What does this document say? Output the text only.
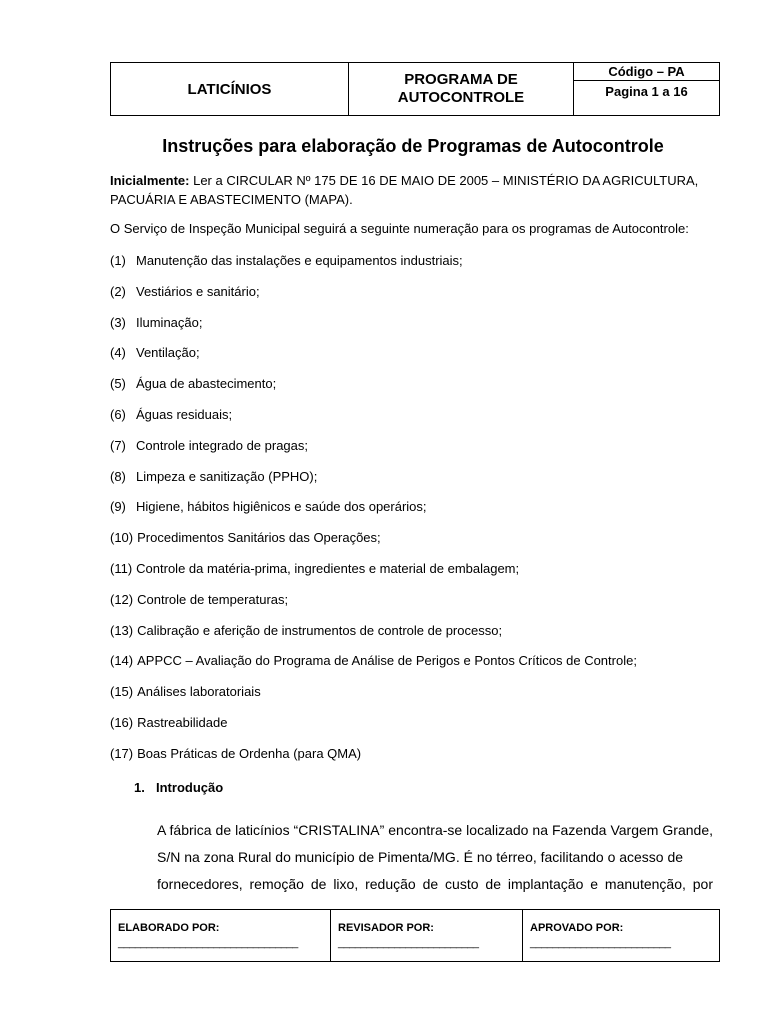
LATICÍNIOS
PROGRAMA DE
AUTOCONTROLE
Código – PA
Pagina 1 a 16
Instruções para elaboração de Programas de Autocontrole
Inicialmente: Ler a CIRCULAR Nº 175 DE 16 DE MAIO DE 2005 – MINISTÉRIO DA AGRICULTURA, PACUÁRIA E ABASTECIMENTO (MAPA).
O Serviço de Inspeção Municipal seguirá a seguinte numeração para os programas de Autocontrole:
(1) Manutenção das instalações e equipamentos industriais;
(2) Vestiários e sanitário;
(3) Iluminação;
(4) Ventilação;
(5) Água de abastecimento;
(6) Águas residuais;
(7) Controle integrado de pragas;
(8) Limpeza e sanitização (PPHO);
(9) Higiene, hábitos higiênicos e saúde dos operários;
(10) Procedimentos Sanitários das Operações;
(11) Controle da matéria-prima, ingredientes e material de embalagem;
(12) Controle de temperaturas;
(13) Calibração e aferição de instrumentos de controle de processo;
(14) APPCC – Avaliação do Programa de Análise de Perigos e Pontos Críticos de Controle;
(15) Análises laboratoriais
(16) Rastreabilidade
(17) Boas Práticas de Ordenha (para QMA)
1. Introdução
A fábrica de laticínios “CRISTALINA” encontra-se localizado na Fazenda Vargem Grande, S/N na zona Rural do município de Pimenta/MG. É no térreo, facilitando o acesso de
fornecedores, remoção de lixo, redução de custo de implantação e manutenção, por
ELABORADO POR:
________________________________
REVISADOR POR:
_________________________
APROVADO POR:
_________________________
